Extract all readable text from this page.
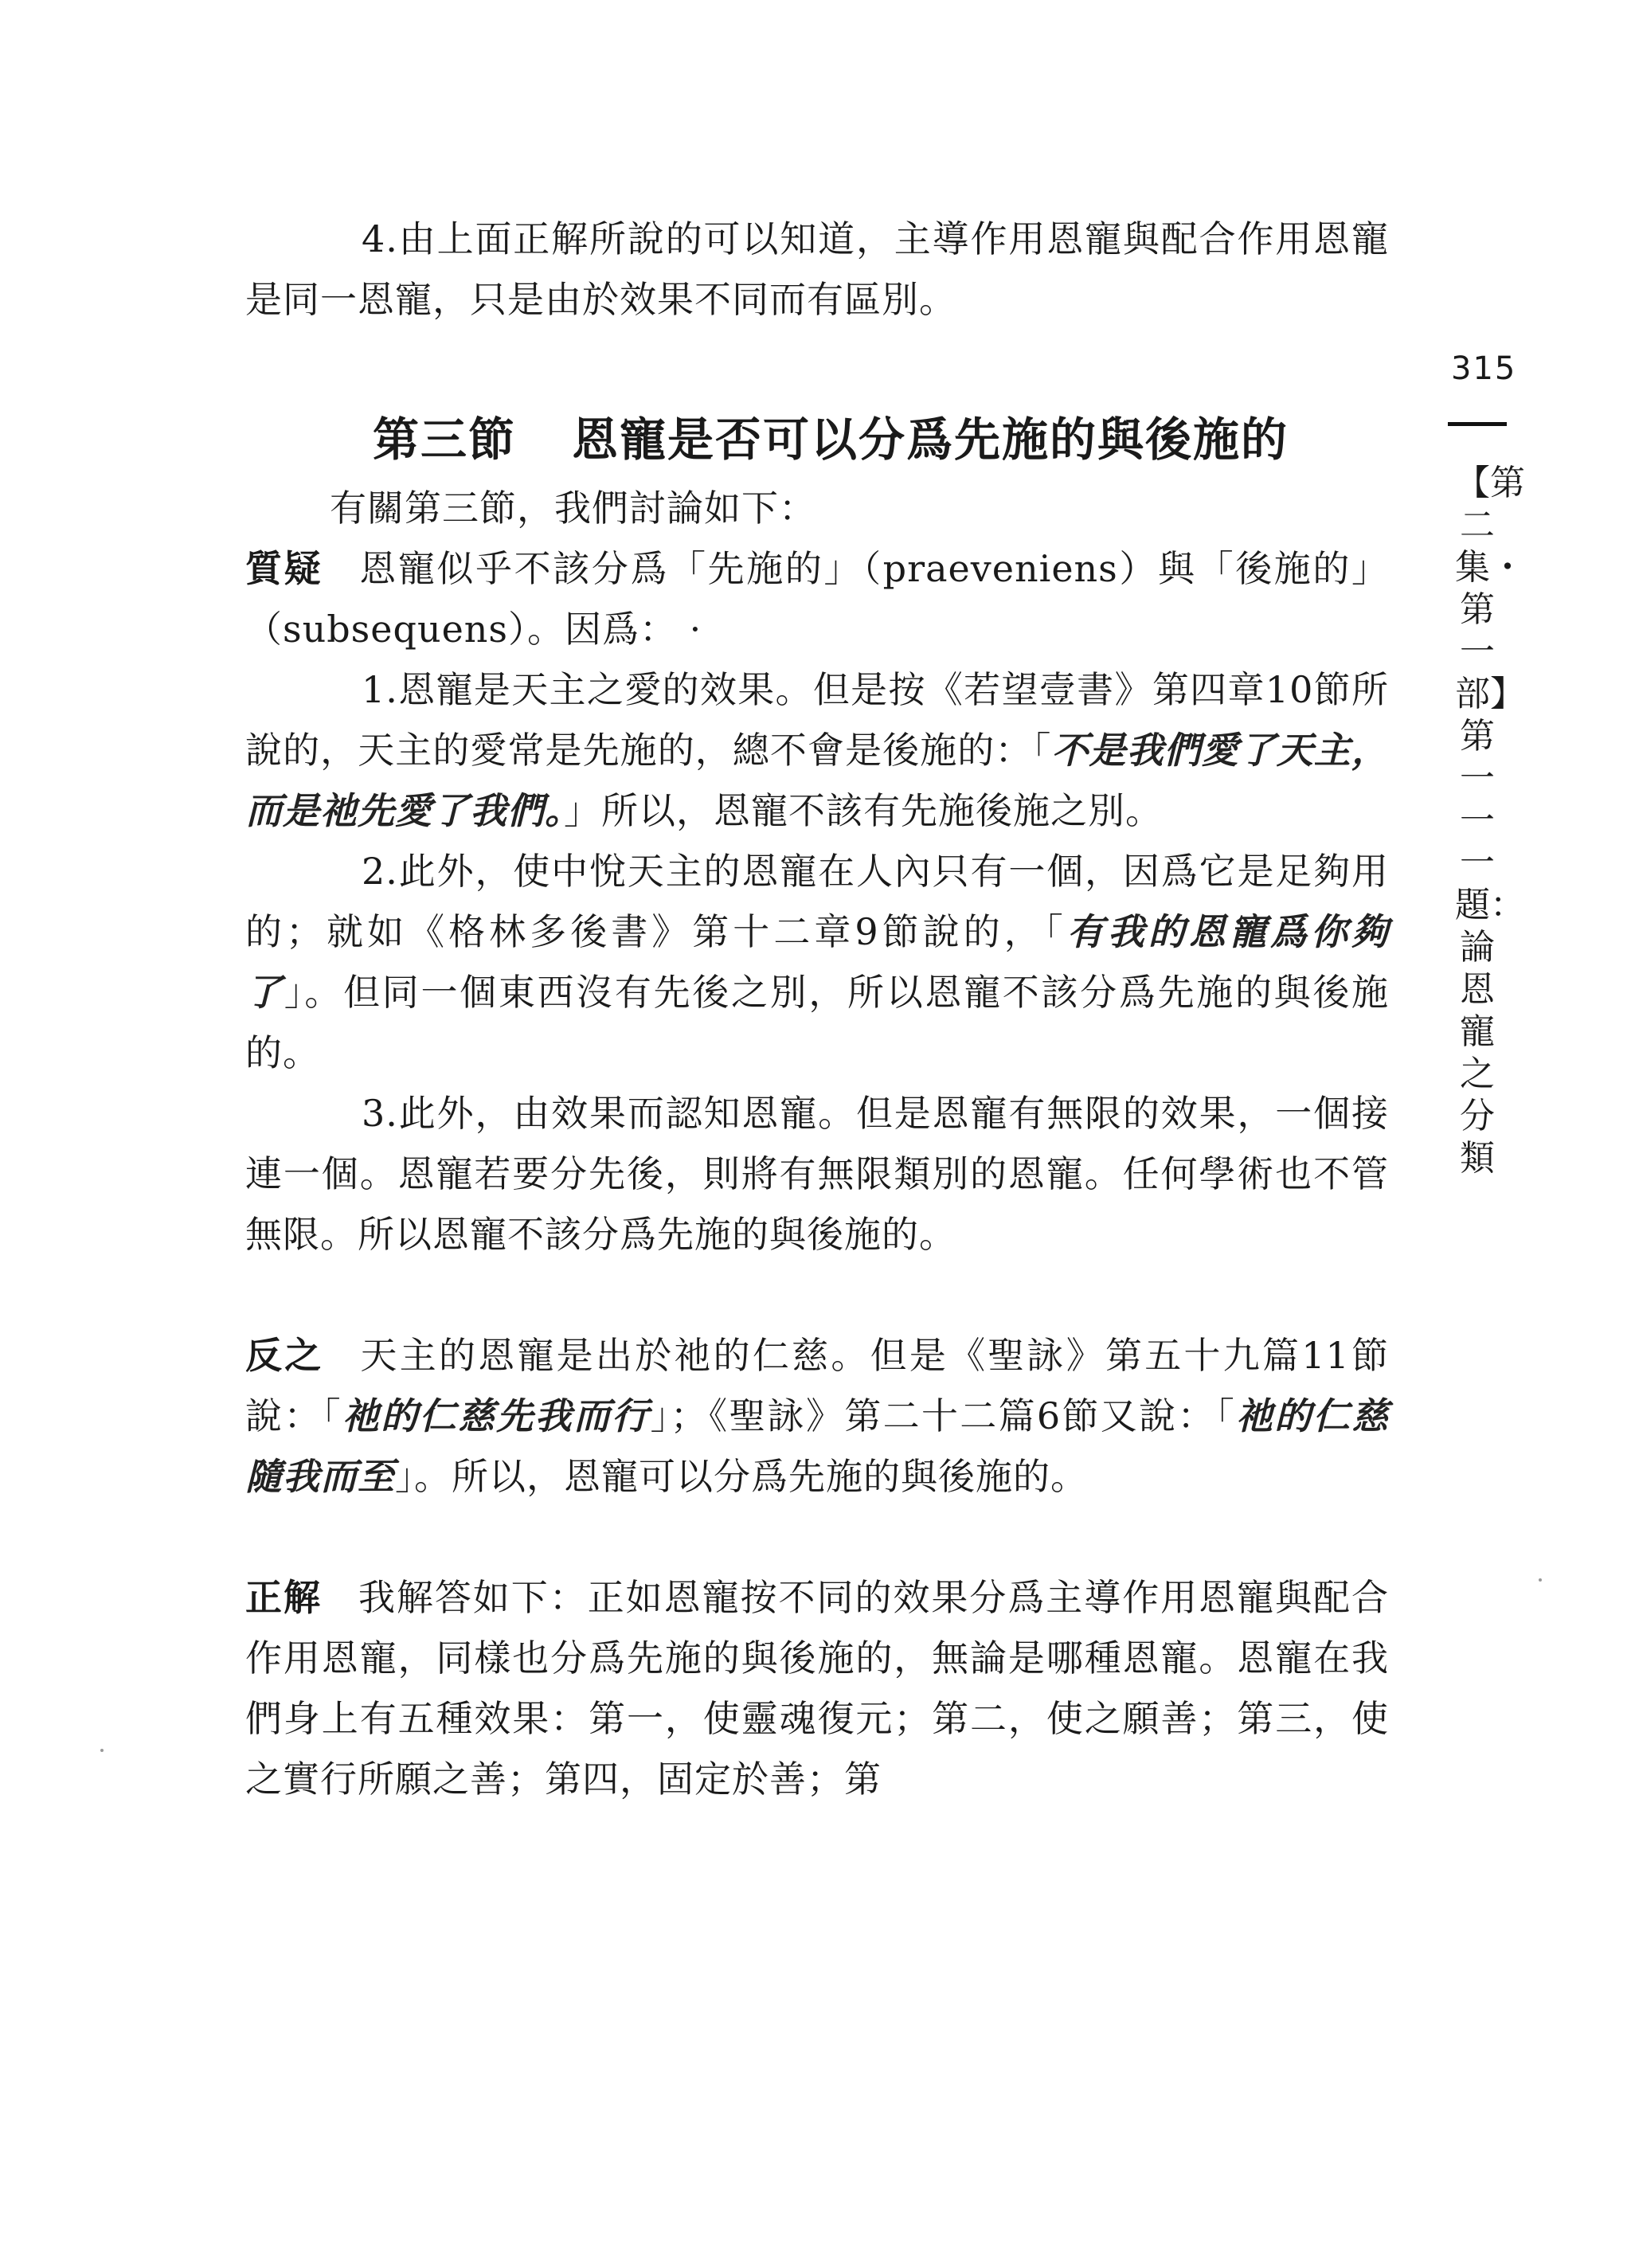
4.由上面正解所說的可以知道，主導作用恩寵與配合作用恩寵是同一恩寵，只是由於效果不同而有區別。

315
【第二集・第一部】第一一一題：論恩寵之分類
第三節 恩寵是否可以分爲先施的與後施的

有關第三節，我們討論如下：

質疑 恩寵似乎不該分爲「先施的」（praeveniens）與「後施的」（subsequens）。因爲： ·

1.恩寵是天主之愛的效果。但是按《若望壹書》第四章10節所說的，天主的愛常是先施的，總不會是後施的：「不是我們愛了天主，而是祂先愛了我們。」所以，恩寵不該有先施後施之別。

2.此外，使中悅天主的恩寵在人內只有一個，因爲它是足夠用的；就如《格林多後書》第十二章9節說的，「有我的恩寵爲你夠了」。但同一個東西沒有先後之別，所以恩寵不該分爲先施的與後施的。

3.此外，由效果而認知恩寵。但是恩寵有無限的效果，一個接連一個。恩寵若要分先後，則將有無限類別的恩寵。任何學術也不管無限。所以恩寵不該分爲先施的與後施的。

反之 天主的恩寵是出於祂的仁慈。但是《聖詠》第五十九篇11節說：「祂的仁慈先我而行」；《聖詠》第二十二篇6節又說：「祂的仁慈隨我而至」。所以，恩寵可以分爲先施的與後施的。

正解 我解答如下：正如恩寵按不同的效果分爲主導作用恩寵與配合作用恩寵，同樣也分爲先施的與後施的，無論是哪種恩寵。恩寵在我們身上有五種效果：第一，使靈魂復元；第二，使之願善；第三，使之實行所願之善；第四，固定於善；第
